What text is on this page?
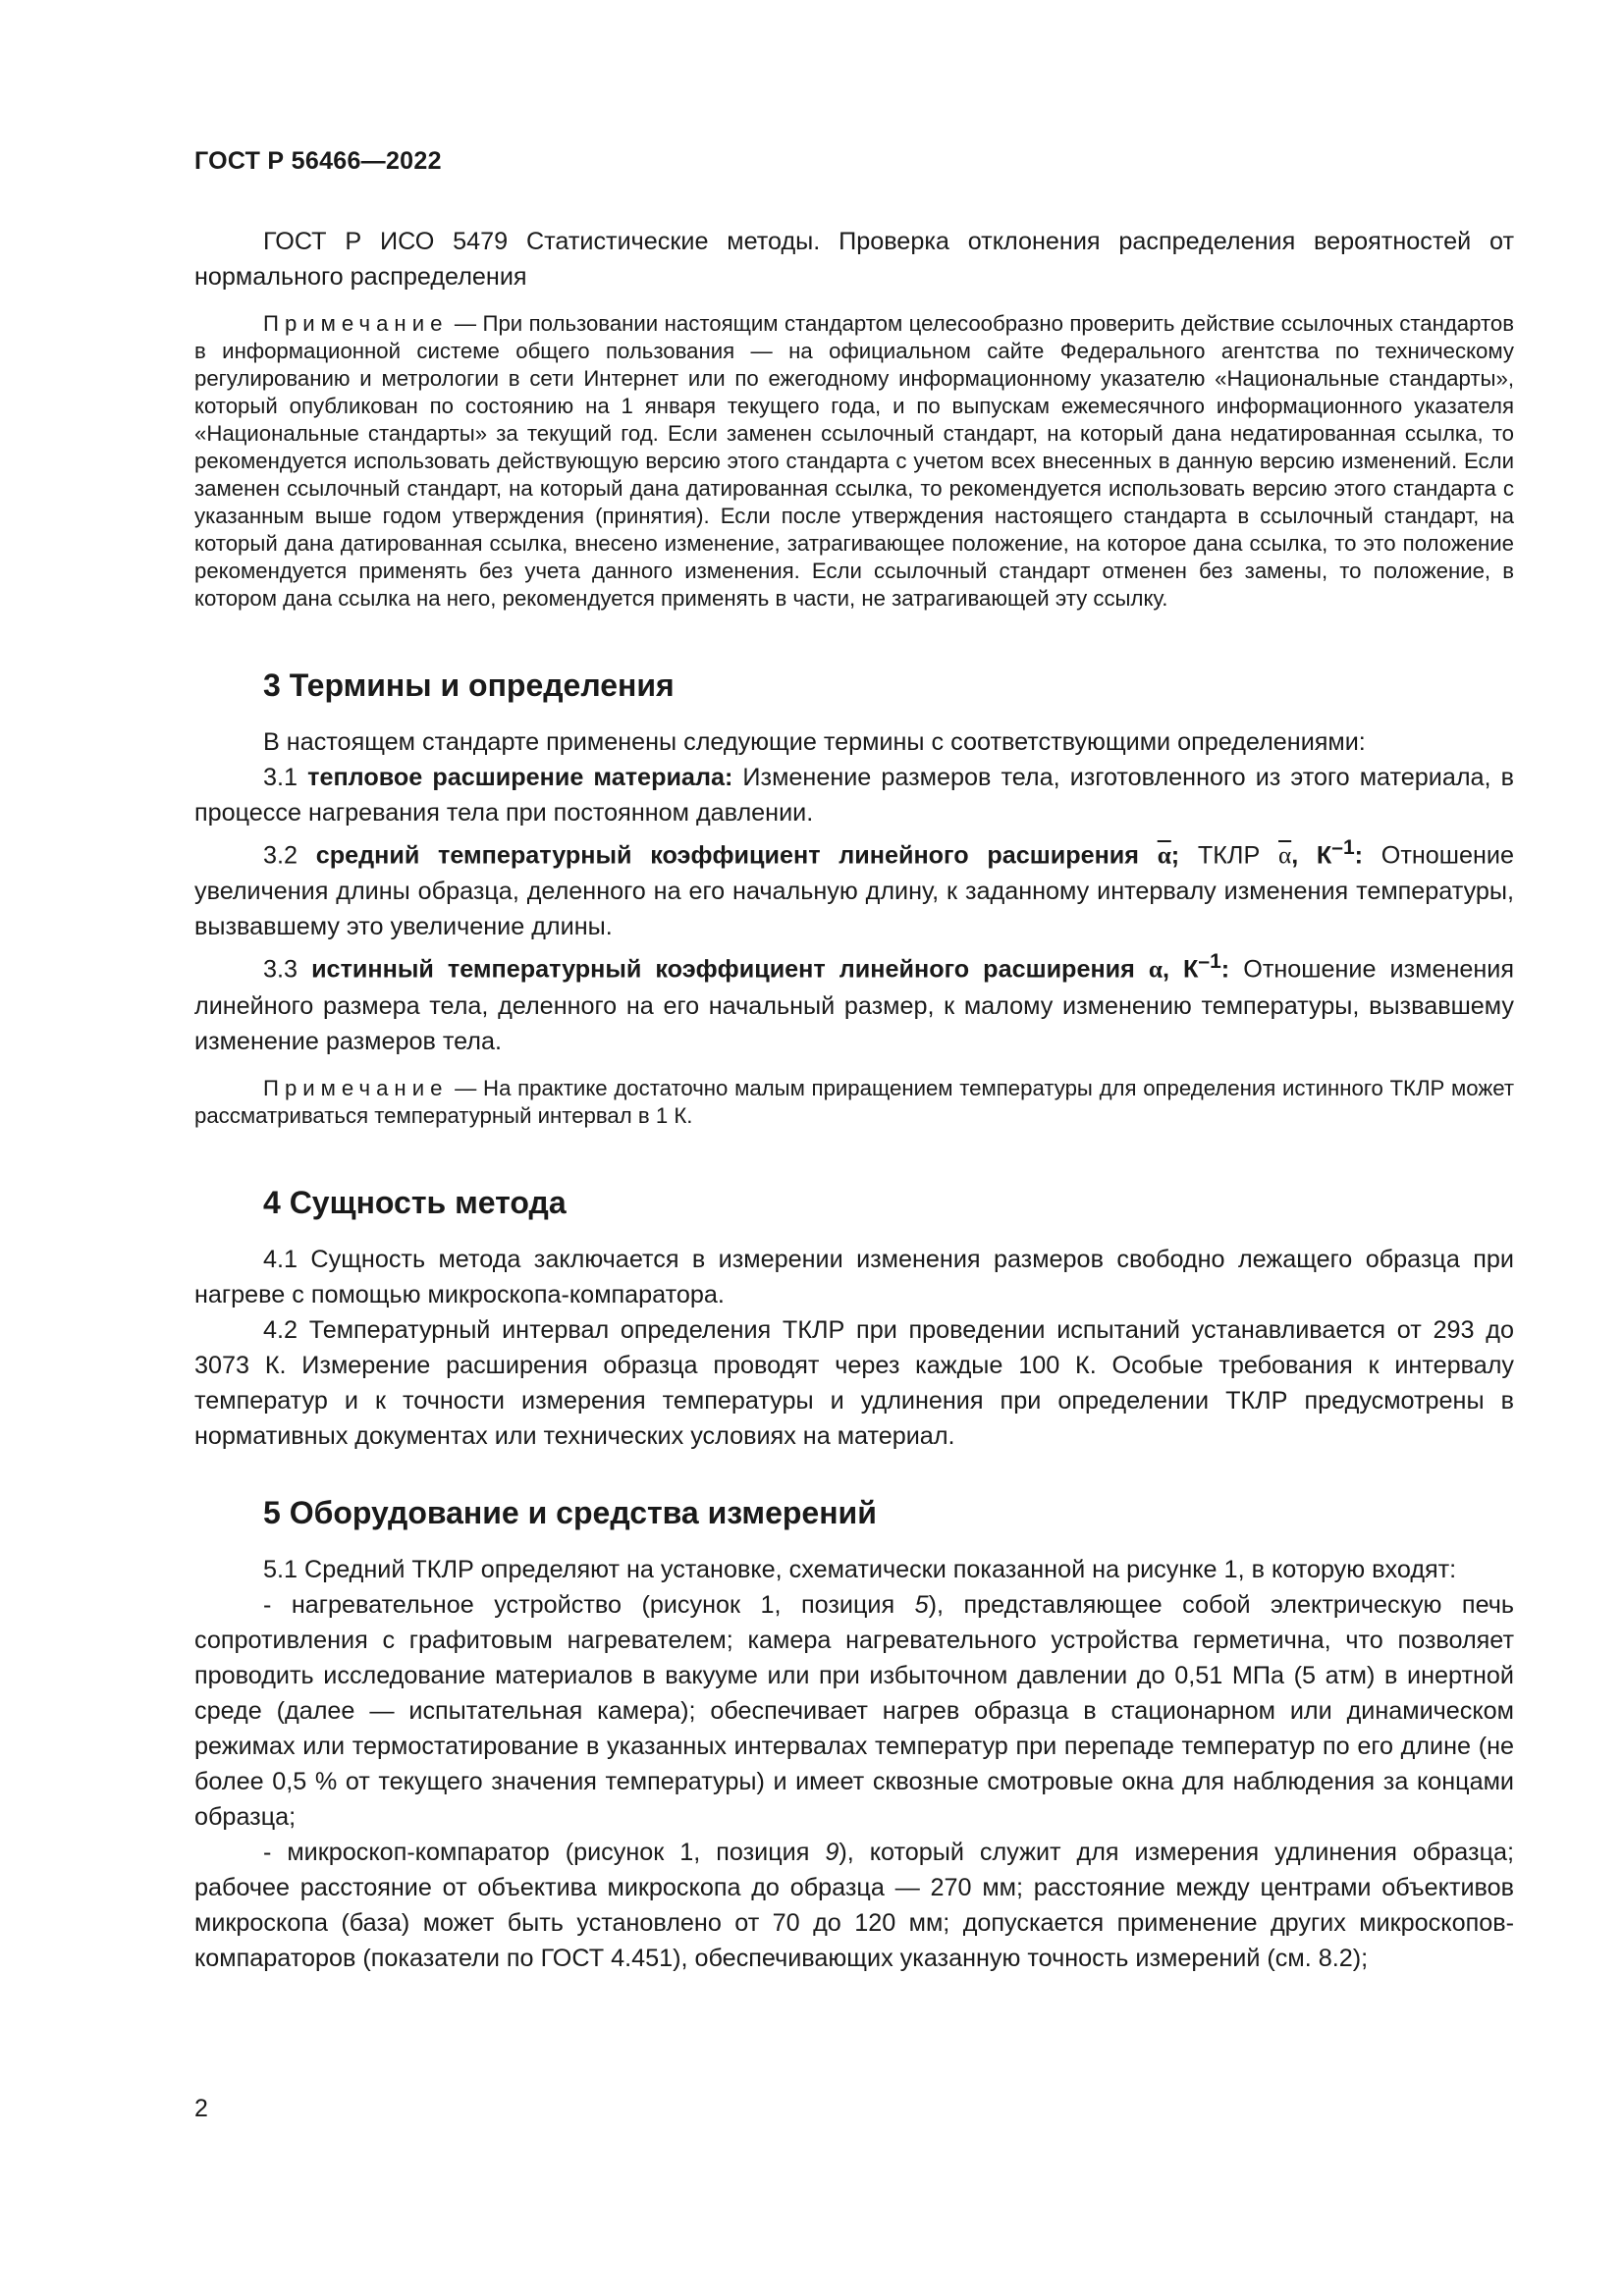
ГОСТ Р 56466—2022

ГОСТ Р ИСО 5479 Статистические методы. Проверка отклонения распределения вероятностей от нормального распределения

Примечание — При пользовании настоящим стандартом целесообразно проверить действие ссылочных стандартов в информационной системе общего пользования — на официальном сайте Федерального агентства по техническому регулированию и метрологии в сети Интернет или по ежегодному информационному указателю «Национальные стандарты», который опубликован по состоянию на 1 января текущего года, и по выпускам ежемесячного информационного указателя «Национальные стандарты» за текущий год. Если заменен ссылочный стандарт, на который дана недатированная ссылка, то рекомендуется использовать действующую версию этого стандарта с учетом всех внесенных в данную версию изменений. Если заменен ссылочный стандарт, на который дана датированная ссылка, то рекомендуется использовать версию этого стандарта с указанным выше годом утверждения (принятия). Если после утверждения настоящего стандарта в ссылочный стандарт, на который дана датированная ссылка, внесено изменение, затрагивающее положение, на которое дана ссылка, то это положение рекомендуется применять без учета данного изменения. Если ссылочный стандарт отменен без замены, то положение, в котором дана ссылка на него, рекомендуется применять в части, не затрагивающей эту ссылку.

3 Термины и определения

В настоящем стандарте применены следующие термины с соответствующими определениями:

3.1 тепловое расширение материала: Изменение размеров тела, изготовленного из этого материала, в процессе нагревания тела при постоянном давлении.

3.2 средний температурный коэффициент линейного расширения $\overline{\alpha}$; ТКЛР $\overline{\alpha}$, $К^{-1}$: Отношение увеличения длины образца, деленного на его начальную длину, к заданному интервалу изменения температуры, вызвавшему это увеличение длины.

3.3 истинный температурный коэффициент линейного расширения α, $К^{-1}$: Отношение изменения линейного размера тела, деленного на его начальный размер, к малому изменению температуры, вызвавшему изменение размеров тела.

Примечание — На практике достаточно малым приращением температуры для определения истинного ТКЛР может рассматриваться температурный интервал в 1 К.

4 Сущность метода

4.1 Сущность метода заключается в измерении изменения размеров свободно лежащего образца при нагреве с помощью микроскопа-компаратора.

4.2 Температурный интервал определения ТКЛР при проведении испытаний устанавливается от 293 до 3073 К. Измерение расширения образца проводят через каждые 100 К. Особые требования к интервалу температур и к точности измерения температуры и удлинения при определении ТКЛР предусмотрены в нормативных документах или технических условиях на материал.

5 Оборудование и средства измерений

5.1 Средний ТКЛР определяют на установке, схематически показанной на рисунке 1, в которую входят:

- нагревательное устройство (рисунок 1, позиция 5), представляющее собой электрическую печь сопротивления с графитовым нагревателем; камера нагревательного устройства герметична, что позволяет проводить исследование материалов в вакууме или при избыточном давлении до 0,51 МПа (5 атм) в инертной среде (далее — испытательная камера); обеспечивает нагрев образца в стационарном или динамическом режимах или термостатирование в указанных интервалах температур при перепаде температур по его длине (не более 0,5 % от текущего значения температуры) и имеет сквозные смотровые окна для наблюдения за концами образца;

- микроскоп-компаратор (рисунок 1, позиция 9), который служит для измерения удлинения образца; рабочее расстояние от объектива микроскопа до образца — 270 мм; расстояние между центрами объективов микроскопа (база) может быть установлено от 70 до 120 мм; допускается применение других микроскопов-компараторов (показатели по ГОСТ 4.451), обеспечивающих указанную точность измерений (см. 8.2);

2
